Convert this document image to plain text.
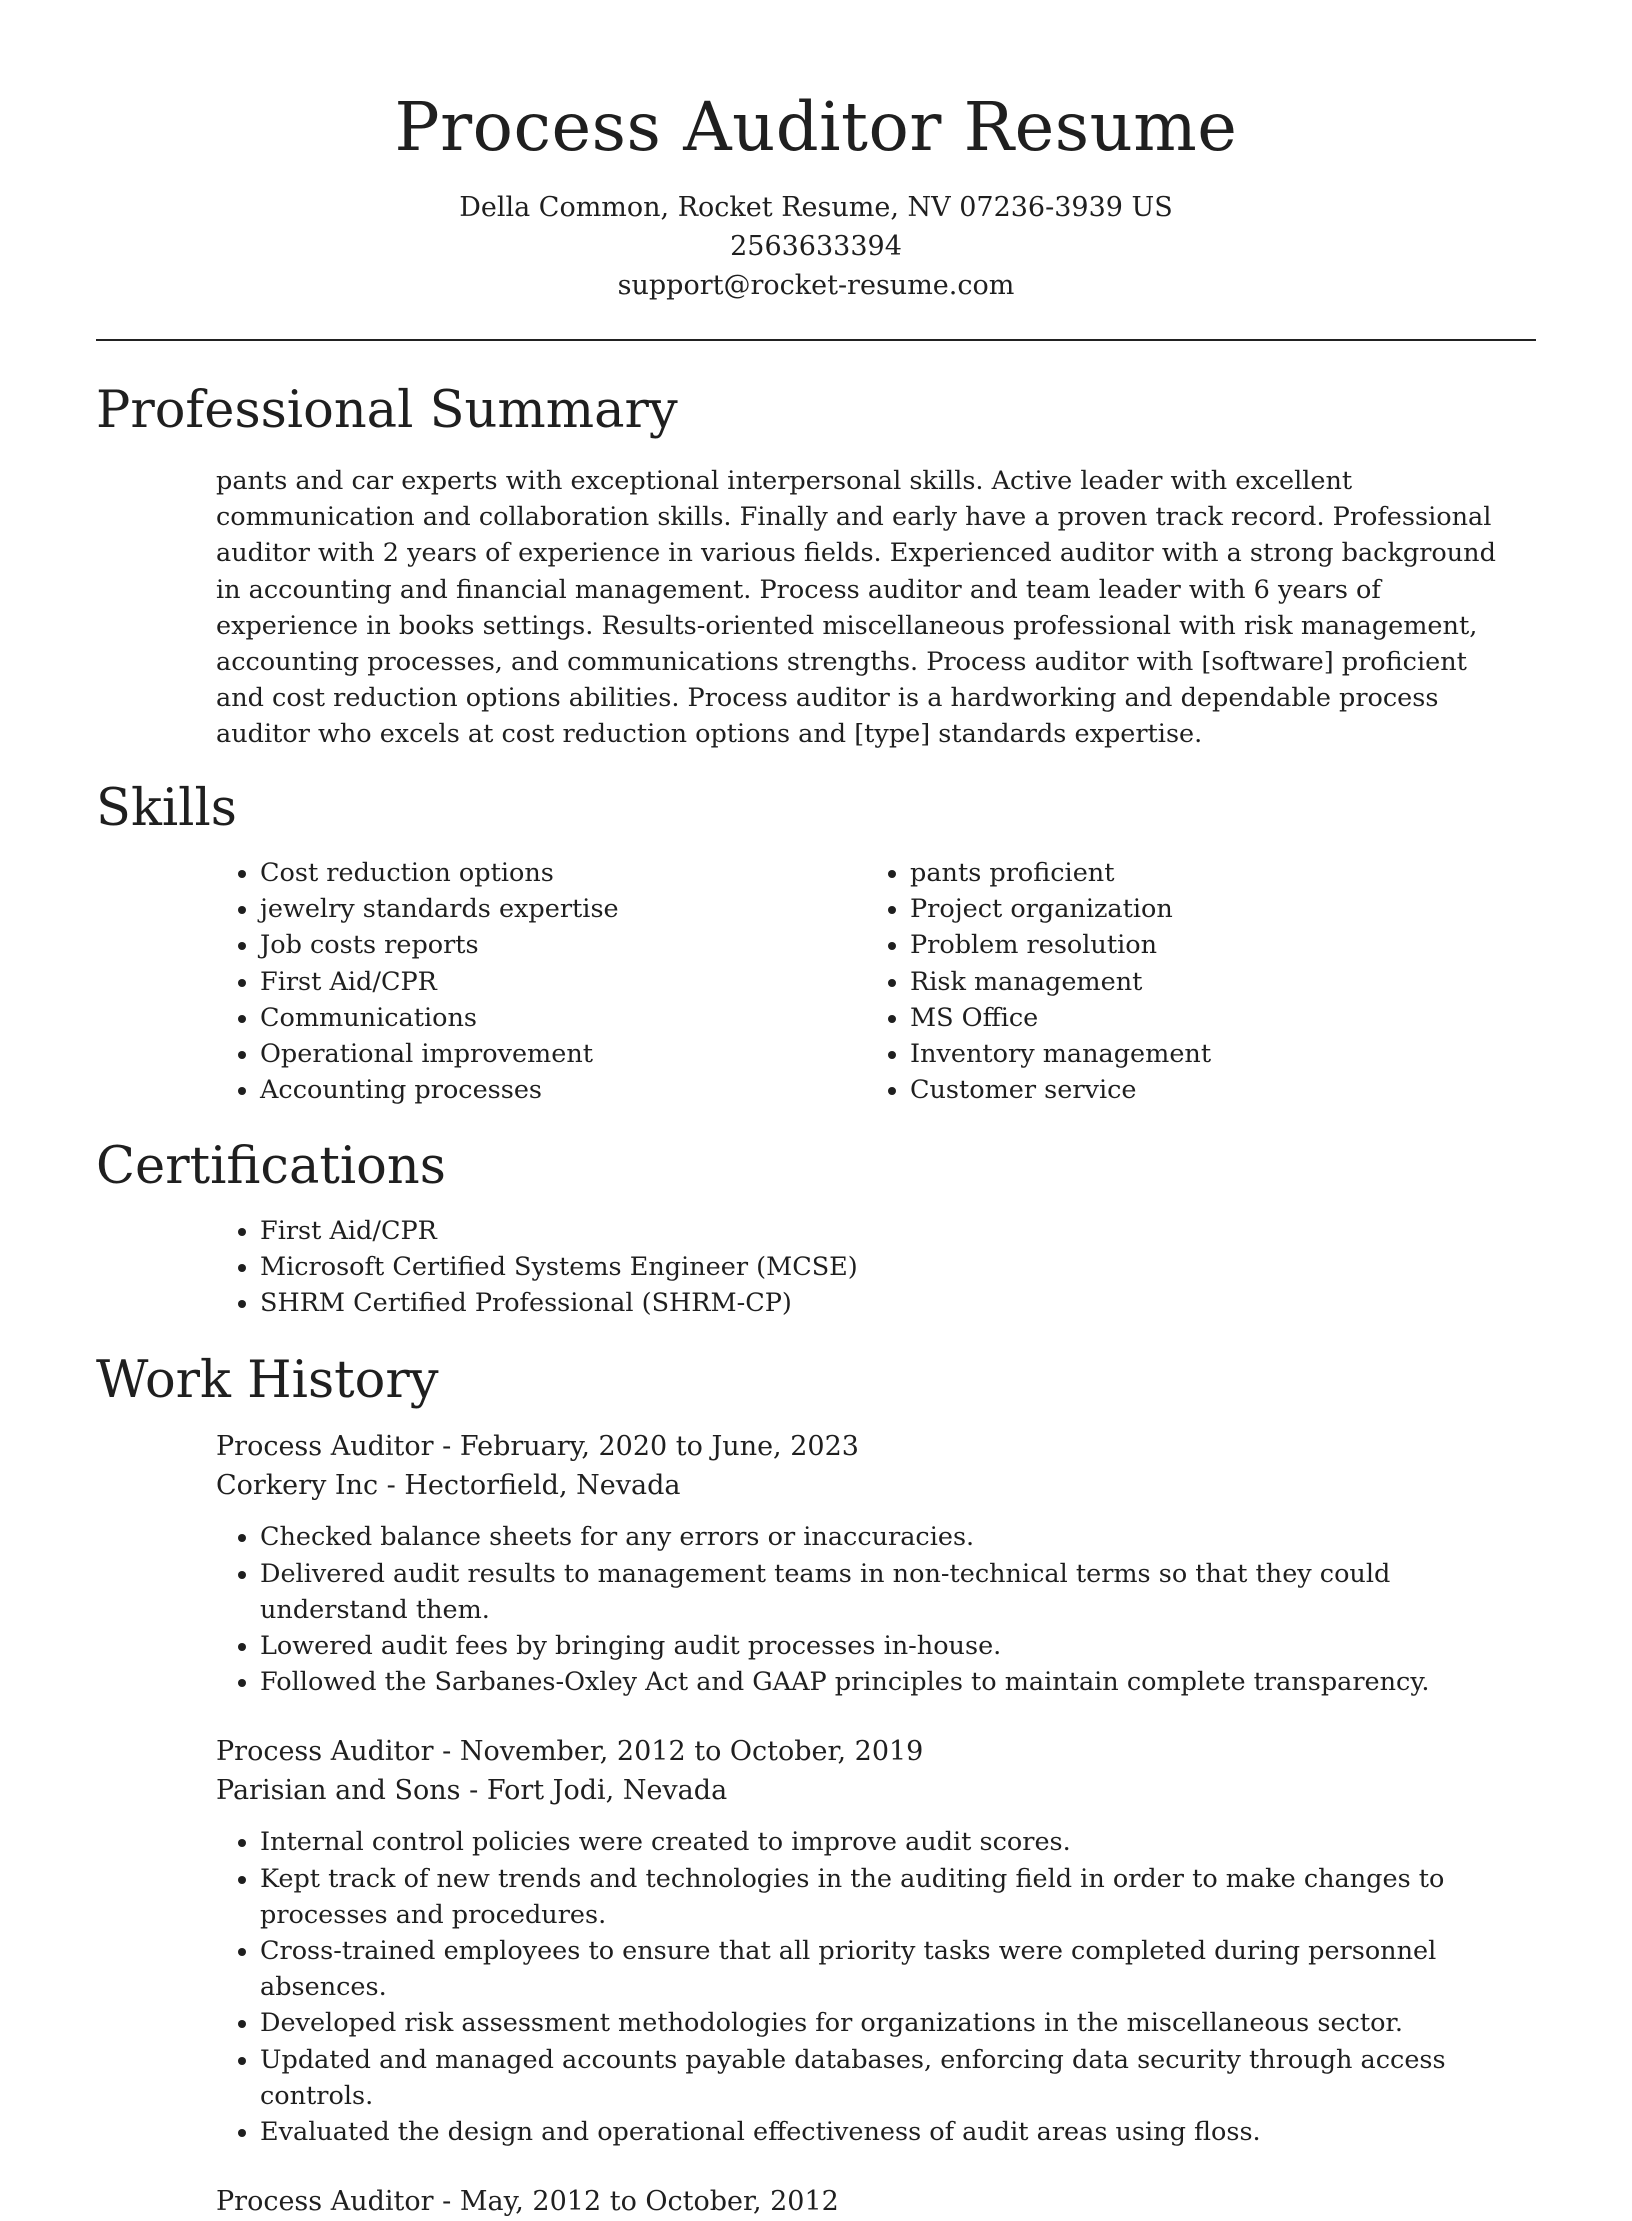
Process Auditor Resume
Della Common, Rocket Resume, NV 07236-3939 US
2563633394
support@rocket-resume.com
Professional Summary

pants and car experts with exceptional interpersonal skills. Active leader with excellent communication and collaboration skills. Finally and early have a proven track record. Professional auditor with 2 years of experience in various fields. Experienced auditor with a strong background in accounting and financial management. Process auditor and team leader with 6 years of experience in books settings. Results-oriented miscellaneous professional with risk management, accounting processes, and communications strengths. Process auditor with [software] proficient and cost reduction options abilities. Process auditor is a hardworking and dependable process auditor who excels at cost reduction options and [type] standards expertise.

Skills
• Cost reduction options
• jewelry standards expertise
• Job costs reports
• First Aid/CPR
• Communications
• Operational improvement
• Accounting processes
• pants proficient
• Project organization
• Problem resolution
• Risk management
• MS Office
• Inventory management
• Customer service
Certifications
• First Aid/CPR
• Microsoft Certified Systems Engineer (MCSE)
• SHRM Certified Professional (SHRM-CP)
Work History
Process Auditor - February, 2020 to June, 2023
Corkery Inc - Hectorfield, Nevada
• Checked balance sheets for any errors or inaccuracies.
• Delivered audit results to management teams in non-technical terms so that they could understand them.
• Lowered audit fees by bringing audit processes in-house.
• Followed the Sarbanes-Oxley Act and GAAP principles to maintain complete transparency.
Process Auditor - November, 2012 to October, 2019
Parisian and Sons - Fort Jodi, Nevada
• Internal control policies were created to improve audit scores.
• Kept track of new trends and technologies in the auditing field in order to make changes to processes and procedures.
• Cross-trained employees to ensure that all priority tasks were completed during personnel absences.
• Developed risk assessment methodologies for organizations in the miscellaneous sector.
• Updated and managed accounts payable databases, enforcing data security through access controls.
• Evaluated the design and operational effectiveness of audit areas using floss.
Process Auditor - May, 2012 to October, 2012
